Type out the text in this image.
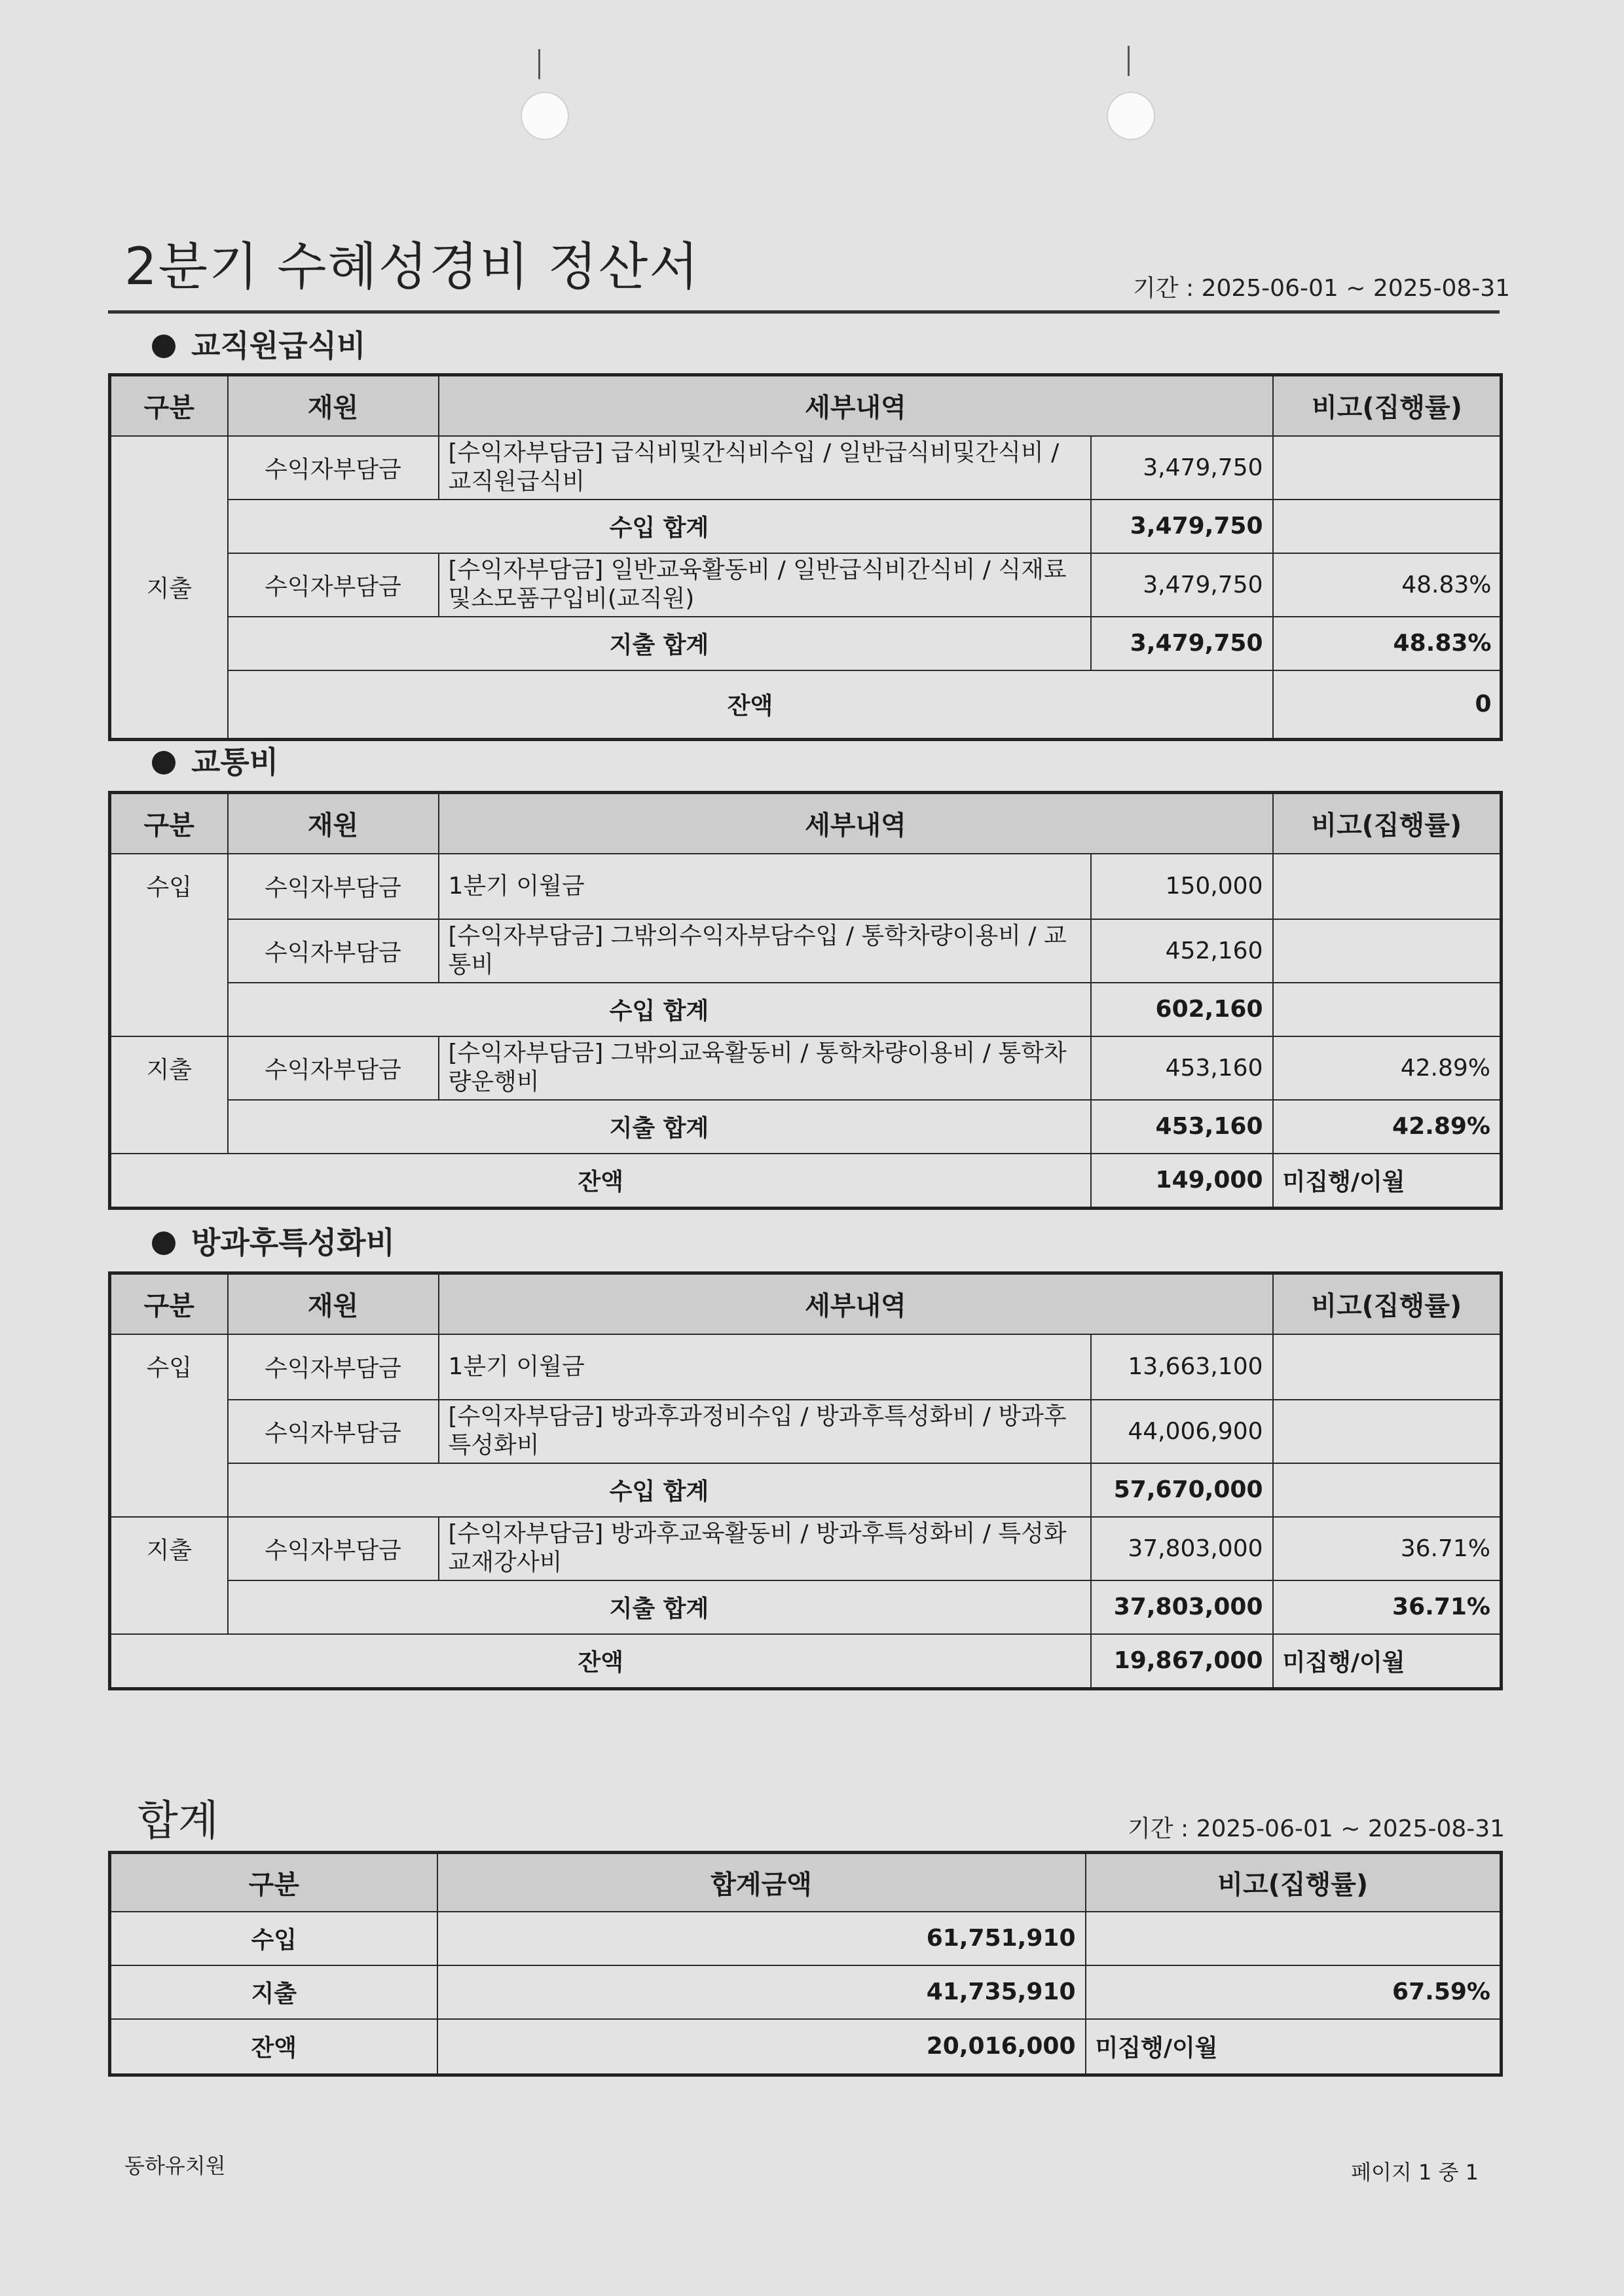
2분기 수혜성경비 정산서	기간 : 2025-06-01 ~ 2025-08-31
교직원급식비
구분	재원	세부내역		비고(집행률)	
지출	수익자부담금	[수익자부담금] 급식비및간식비수입 / 일반급식비및간식비 / 교직원급식비	3,479,750		
	수입 합계		3,479,750		
	수익자부담금	[수익자부담금] 일반교육활동비 / 일반급식비간식비 / 식재료및소모품구입비(교직원)	3,479,750	48.83%	
	지출 합계		3,479,750	48.83%	
	잔액			0	
교통비
구분	재원	세부내역		비고(집행률)
수입	수익자부담금	1분기 이월금	150,000	
	수익자부담금	[수익자부담금] 그밖의수익자부담수입 / 통학차량이용비 / 교통비	452,160	
	수입 합계		602,160	
지출	수익자부담금	[수익자부담금] 그밖의교육활동비 / 통학차량이용비 / 통학차량운행비	453,160	42.89%
	지출 합계		453,160	42.89%
잔액			149,000	미집행/이월
방과후특성화비
구분	재원	세부내역		비고(집행률)
수입	수익자부담금	1분기 이월금	13,663,100	
	수익자부담금	[수익자부담금] 방과후과정비수입 / 방과후특성화비 / 방과후특성화비	44,006,900	
	수입 합계		57,670,000	
지출	수익자부담금	[수익자부담금] 방과후교육활동비 / 방과후특성화비 / 특성화교재강사비	37,803,000	36.71%
	지출 합계		37,803,000	36.71%
잔액			19,867,000	미집행/이월
합계	기간 : 2025-06-01 ~ 2025-08-31
구분	합계금액	비고(집행률)
수입	61,751,910	
지출	41,735,910	67.59%
잔액	20,016,000	미집행/이월
동하유치원	페이지 1 중 1
